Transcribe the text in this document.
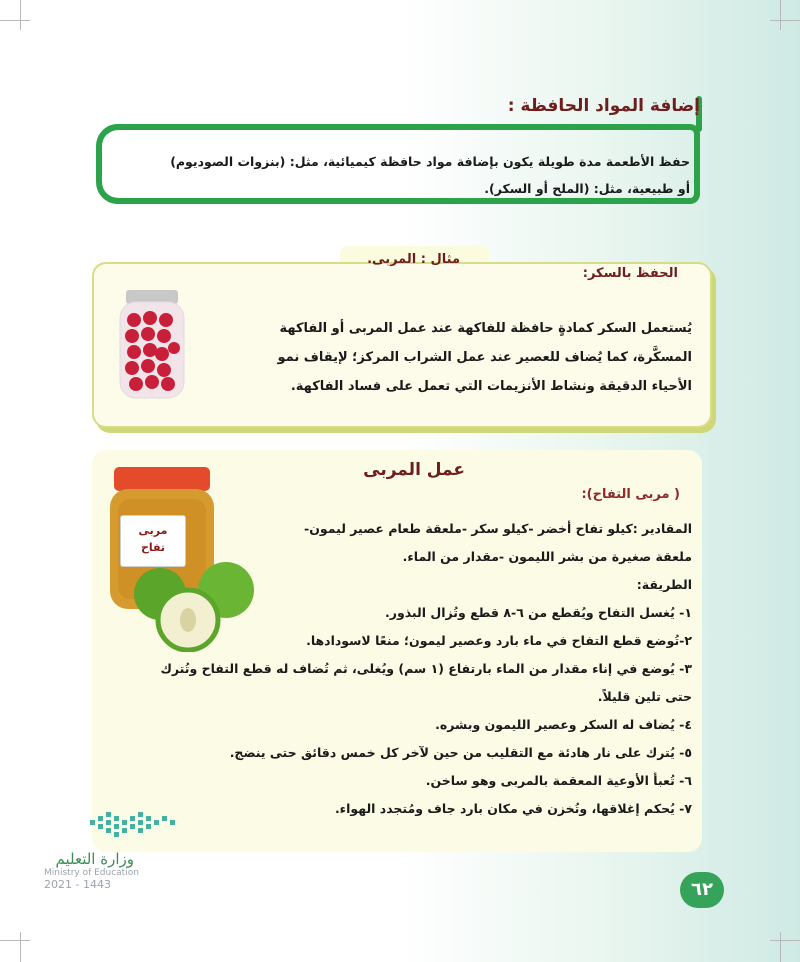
إضافة المواد الحافظة :
حفظ الأطعمة مدة طويلة يكون بإضافة مواد حافظة كيميائية، مثل: (بنزوات الصوديوم)
أو طبيعية، مثل: (الملح أو السكر).
مثال : المربى.
الحفظ بالسكر:
يُستعمل السكر كمادةٍ حافظة للفاكهة عند عمل المربى أو الفاكهة
المسكَّرة، كما يُضاف للعصير عند عمل الشراب المركز؛ لإيقاف نمو
الأحياء الدقيقة ونشاط الأنزيمات التي تعمل على فساد الفاكهة.
مربى
تفاح
عمل المربى
( مربى التفاح):
المقادير :كيلو تفاح أخضر -كيلو سكر -ملعقة طعام عصير ليمون-
ملعقة صغيرة من بشر الليمون -مقدار من الماء.
الطريقة:
١- يُغسل التفاح ويُقطع من ٦-٨ قطع وتُزال البذور.
٢-تُوضع قطع التفاح في ماء بارد وعصير ليمون؛ منعًا لاسودادها.
٣- يُوضع في إناء مقدار من الماء بارتفاع (١ سم) ويُغلى، ثم تُضاف له قطع التفاح وتُترك
حتى تلين قليلاً.
٤- يُضاف له السكر وعصير الليمون وبشره.
٥- يُترك على نار هادئة مع التقليب من حين لآخر كل خمس دقائق حتى ينضج.
٦- تُعبأ الأوعية المعقمة بالمربى وهو ساخن.
٧- يُحكم إغلاقها، وتُخزن في مكان بارد جاف ومُتجدد الهواء.
وزارة التعليم
Ministry of Education
2021 - 1443	٦٢
